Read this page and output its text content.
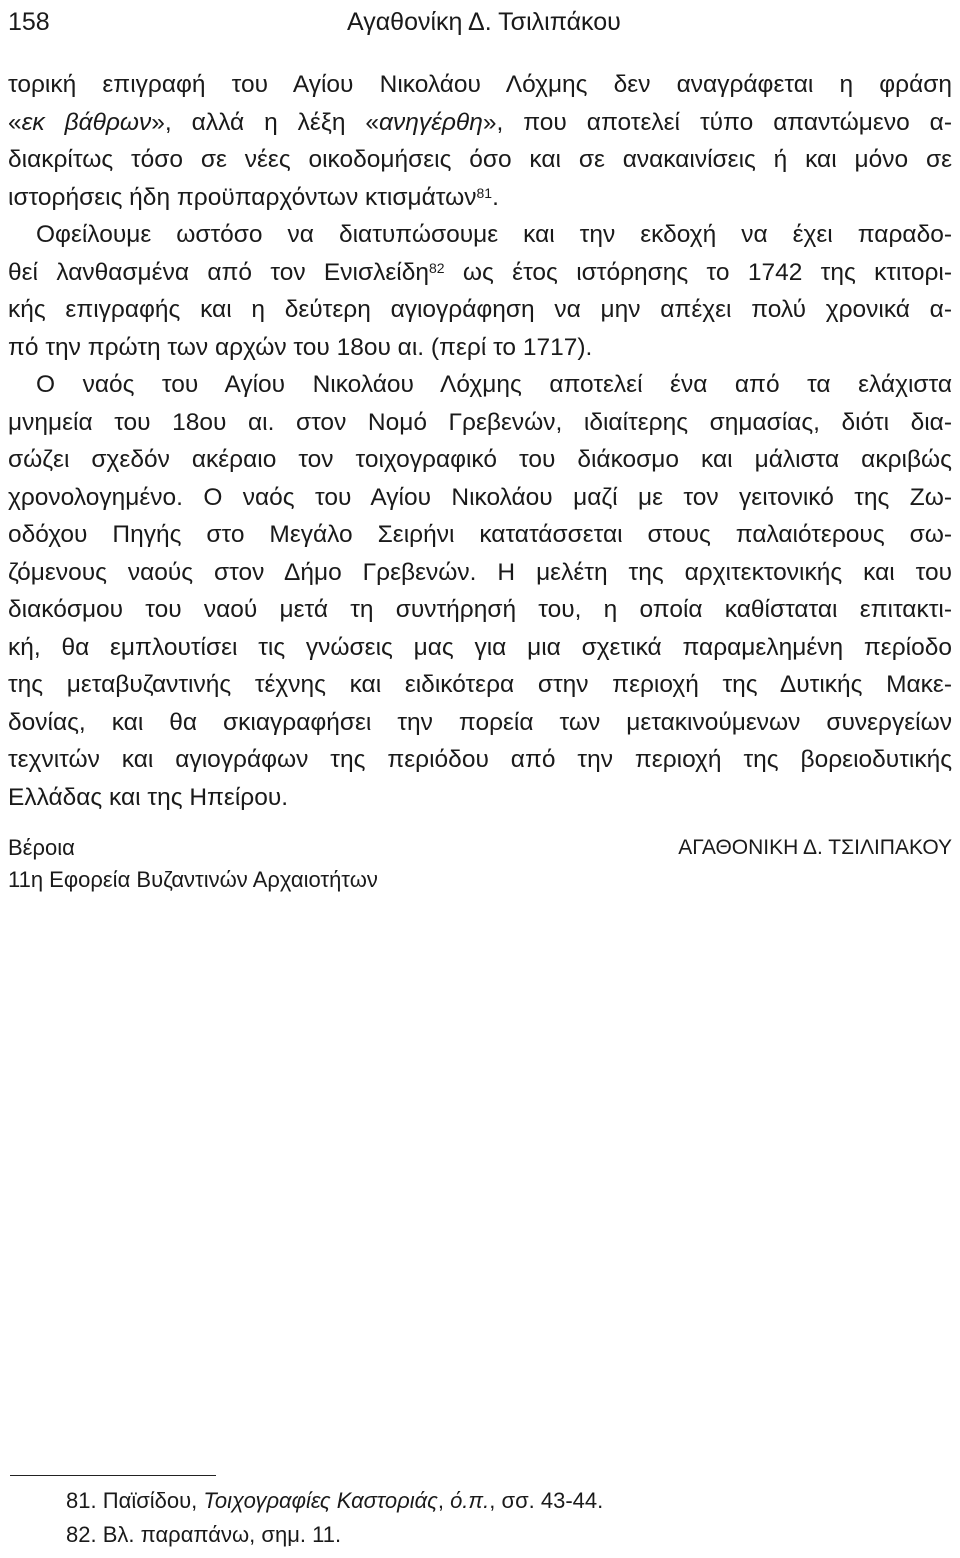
158	Αγαθονίκη Δ. Τσιλιπάκου
τορική επιγραφή του Αγίου Νικολάου Λόχμης δεν αναγράφεται η φράση
«εκ βάθρων», αλλά η λέξη «ανηγέρθη», που αποτελεί τύπο απαντώμενο α-
διακρίτως τόσο σε νέες οικοδομήσεις όσο και σε ανακαινίσεις ή και μόνο σε
ιστορήσεις ήδη προϋπαρχόντων κτισμάτων$^{81}$.
Οφείλουμε ωστόσο να διατυπώσουμε και την εκδοχή να έχει παραδο-
θεί λανθασμένα από τον Ενισλείδη$^{82}$ ως έτος ιστόρησης το 1742 της κτιτορι-
κής επιγραφής και η δεύτερη αγιογράφηση να μην απέχει πολύ χρονικά α-
πό την πρώτη των αρχών του 18ου αι. (περί το 1717).
Ο ναός του Αγίου Νικολάου Λόχμης αποτελεί ένα από τα ελάχιστα
μνημεία του 18ου αι. στον Νομό Γρεβενών, ιδιαίτερης σημασίας, διότι δια-
σώζει σχεδόν ακέραιο τον τοιχογραφικό του διάκοσμο και μάλιστα ακριβώς
χρονολογημένο. Ο ναός του Αγίου Νικολάου μαζί με τον γειτονικό της Ζω-
οδόχου Πηγής στο Μεγάλο Σειρήνι κατατάσσεται στους παλαιότερους σω-
ζόμενους ναούς στον Δήμο Γρεβενών. Η μελέτη της αρχιτεκτονικής και του
διακόσμου του ναού μετά τη συντήρησή του, η οποία καθίσταται επιτακτι-
κή, θα εμπλουτίσει τις γνώσεις μας για μια σχετικά παραμελημένη περίοδο
της μεταβυζαντινής τέχνης και ειδικότερα στην περιοχή της Δυτικής Μακε-
δονίας, και θα σκιαγραφήσει την πορεία των μετακινούμενων συνεργείων
τεχνιτών και αγιογράφων της περιόδου από την περιοχή της βορειοδυτικής
Ελλάδας και της Ηπείρου.
Βέροια
11η Εφορεία Βυζαντινών Αρχαιοτήτων
ΑΓΑΘΟΝΙΚΗ Δ. ΤΣΙΛΙΠΑΚΟΥ
81. Παϊσίδου, Τοιχογραφίες Καστοριάς, ό.π., σσ. 43-44.
82. Βλ. παραπάνω, σημ. 11.
